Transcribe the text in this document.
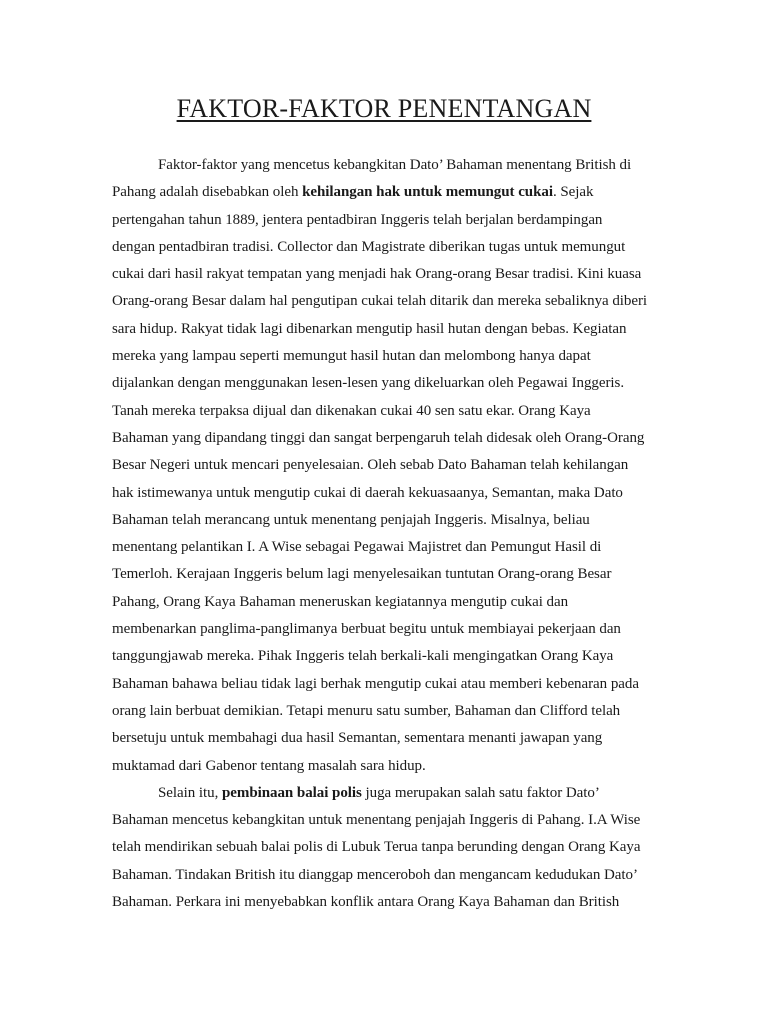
FAKTOR-FAKTOR PENENTANGAN
Faktor-faktor yang mencetus kebangkitan Dato’ Bahaman menentang British di
Pahang adalah disebabkan oleh kehilangan hak untuk memungut cukai. Sejak
pertengahan tahun 1889, jentera pentadbiran Inggeris telah berjalan berdampingan
dengan pentadbiran tradisi. Collector dan Magistrate diberikan tugas untuk memungut
cukai dari hasil rakyat tempatan yang menjadi hak Orang-orang Besar tradisi. Kini kuasa
Orang-orang Besar dalam hal pengutipan cukai telah ditarik dan mereka sebaliknya diberi
sara hidup. Rakyat tidak lagi dibenarkan mengutip hasil hutan dengan bebas. Kegiatan
mereka yang lampau seperti memungut hasil hutan dan melombong hanya dapat
dijalankan dengan menggunakan lesen-lesen yang dikeluarkan oleh Pegawai Inggeris.
Tanah mereka terpaksa dijual dan dikenakan cukai 40 sen satu ekar. Orang Kaya
Bahaman yang dipandang tinggi dan sangat berpengaruh telah didesak oleh Orang-Orang
Besar Negeri untuk mencari penyelesaian. Oleh sebab Dato Bahaman telah kehilangan
hak istimewanya untuk mengutip cukai di daerah kekuasaanya, Semantan, maka Dato
Bahaman telah merancang untuk menentang penjajah Inggeris. Misalnya, beliau
menentang pelantikan I. A Wise sebagai Pegawai Majistret dan Pemungut Hasil di
Temerloh. Kerajaan Inggeris belum lagi menyelesaikan tuntutan Orang-orang Besar
Pahang, Orang Kaya Bahaman meneruskan kegiatannya mengutip cukai dan
membenarkan panglima-panglimanya berbuat begitu untuk membiayai pekerjaan dan
tanggungjawab mereka. Pihak Inggeris telah berkali-kali mengingatkan Orang Kaya
Bahaman bahawa beliau tidak lagi berhak mengutip cukai atau memberi kebenaran pada
orang lain berbuat demikian. Tetapi menuru satu sumber, Bahaman dan Clifford telah
bersetuju untuk membahagi dua hasil Semantan, sementara menanti jawapan yang
muktamad dari Gabenor tentang masalah sara hidup.
Selain itu, pembinaan balai polis juga merupakan salah satu faktor Dato’
Bahaman mencetus kebangkitan untuk menentang penjajah Inggeris di Pahang. I.A Wise
telah mendirikan sebuah balai polis di Lubuk Terua tanpa berunding dengan Orang Kaya
Bahaman. Tindakan British itu dianggap menceroboh dan mengancam kedudukan Dato’
Bahaman. Perkara ini menyebabkan konflik antara Orang Kaya Bahaman dan British
